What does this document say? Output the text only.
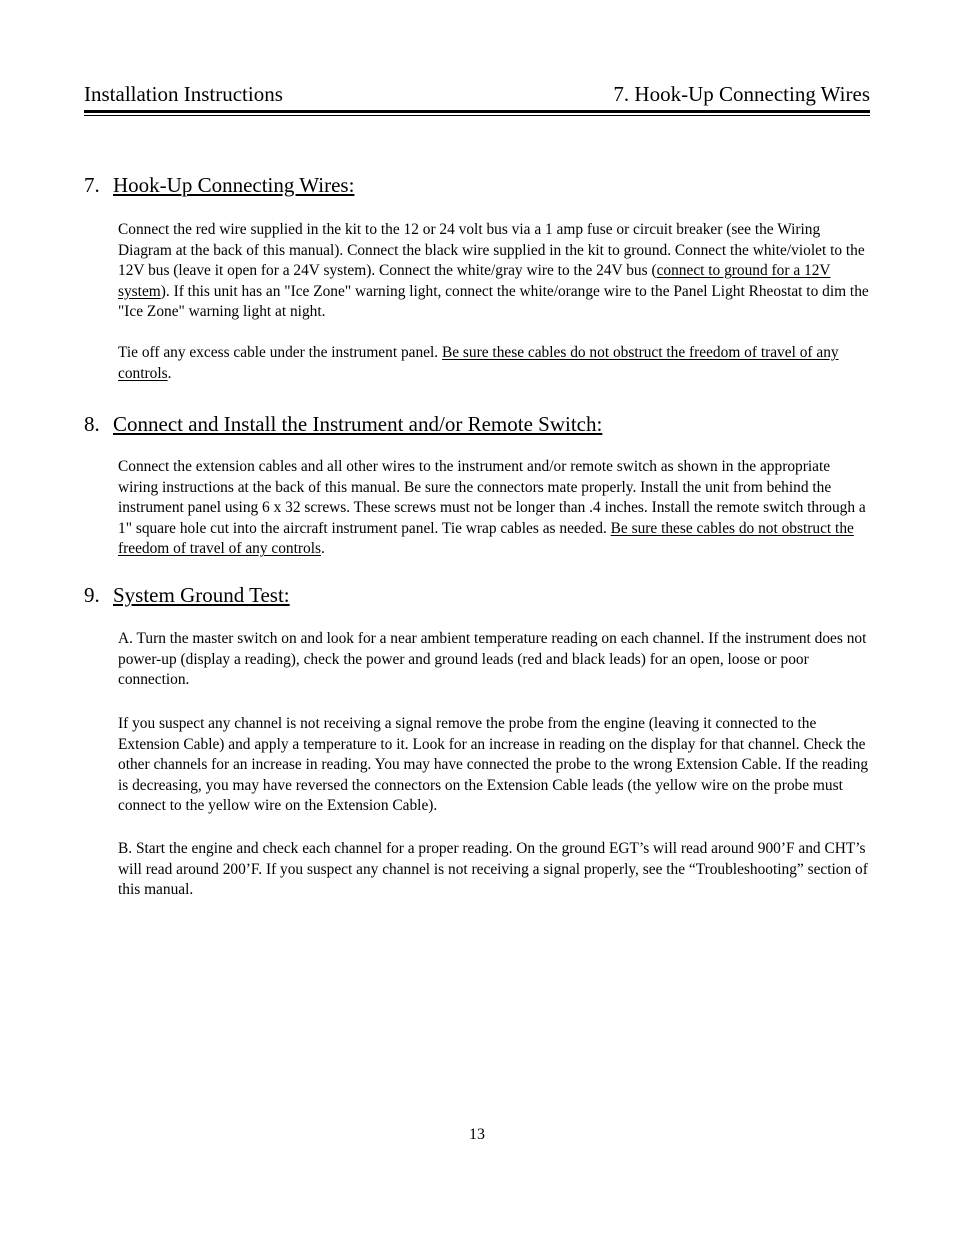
Installation Instructions	7. Hook-Up Connecting Wires
7. Hook-Up Connecting Wires:
Connect the red wire supplied in the kit to the 12 or 24 volt bus via a 1 amp fuse or circuit breaker (see the Wiring Diagram at the back of this manual). Connect the black wire supplied in the kit to ground. Connect the white/violet to the 12V bus (leave it open for a 24V system). Connect the white/gray wire to the 24V bus (connect to ground for a 12V system). If this unit has an "Ice Zone" warning light, connect the white/orange wire to the Panel Light Rheostat to dim the "Ice Zone" warning light at night.
Tie off any excess cable under the instrument panel. Be sure these cables do not obstruct the freedom of travel of any controls.
8. Connect and Install the Instrument and/or Remote Switch:
Connect the extension cables and all other wires to the instrument and/or remote switch as shown in the appropriate wiring instructions at the back of this manual. Be sure the connectors mate properly. Install the unit from behind the instrument panel using 6 x 32 screws. These screws must not be longer than .4 inches. Install the remote switch through a 1" square hole cut into the aircraft instrument panel. Tie wrap cables as needed. Be sure these cables do not obstruct the freedom of travel of any controls.
9. System Ground Test:
A. Turn the master switch on and look for a near ambient temperature reading on each channel. If the instrument does not power-up (display a reading), check the power and ground leads (red and black leads) for an open, loose or poor connection.
If you suspect any channel is not receiving a signal remove the probe from the engine (leaving it connected to the Extension Cable) and apply a temperature to it. Look for an increase in reading on the display for that channel. Check the other channels for an increase in reading. You may have connected the probe to the wrong Extension Cable. If the reading is decreasing, you may have reversed the connectors on the Extension Cable leads (the yellow wire on the probe must connect to the yellow wire on the Extension Cable).
B. Start the engine and check each channel for a proper reading. On the ground EGT’s will read around 900’F and CHT’s will read around 200’F. If you suspect any channel is not receiving a signal properly, see the “Troubleshooting” section of this manual.
13
